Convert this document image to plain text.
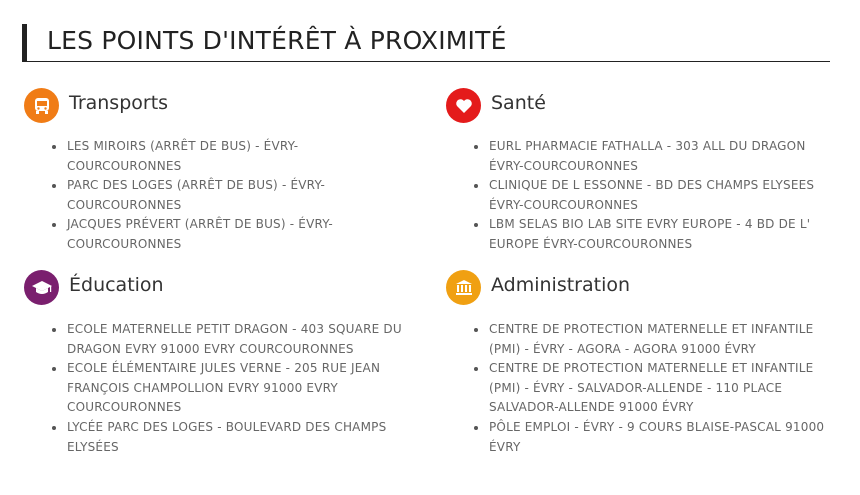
LES POINTS D'INTÉRÊT À PROXIMITÉ
Transports
LES MIROIRS (ARRÊT DE BUS) - ÉVRY-COURCOURONNES
PARC DES LOGES (ARRÊT DE BUS) - ÉVRY-COURCOURONNES
JACQUES PRÉVERT (ARRÊT DE BUS) - ÉVRY-COURCOURONNES
Santé
EURL PHARMACIE FATHALLA - 303 ALL DU DRAGON ÉVRY-COURCOURONNES
CLINIQUE DE L ESSONNE - BD DES CHAMPS ELYSEES ÉVRY-COURCOURONNES
LBM SELAS BIO LAB SITE EVRY EUROPE - 4 BD DE L' EUROPE ÉVRY-COURCOURONNES
Éducation
ECOLE MATERNELLE PETIT DRAGON - 403 SQUARE DU DRAGON EVRY 91000 EVRY COURCOURONNES
ECOLE ÉLÉMENTAIRE JULES VERNE - 205 RUE JEAN FRANÇOIS CHAMPOLLION EVRY 91000 EVRY COURCOURONNES
LYCÉE PARC DES LOGES - BOULEVARD DES CHAMPS ELYSÉES
Administration
CENTRE DE PROTECTION MATERNELLE ET INFANTILE (PMI) - ÉVRY - AGORA - AGORA 91000 ÉVRY
CENTRE DE PROTECTION MATERNELLE ET INFANTILE (PMI) - ÉVRY - SALVADOR-ALLENDE - 110 PLACE SALVADOR-ALLENDE 91000 ÉVRY
PÔLE EMPLOI - ÉVRY - 9 COURS BLAISE-PASCAL 91000 ÉVRY
